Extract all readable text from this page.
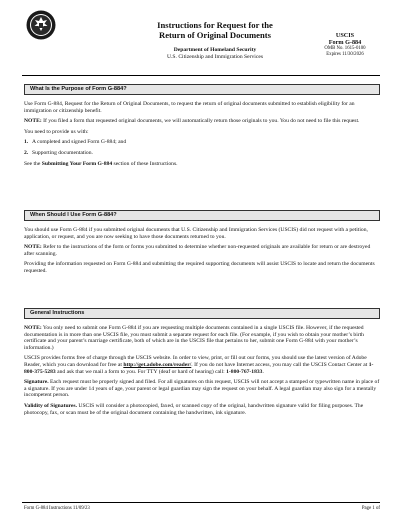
Instructions for Request for the
Return of Original Documents
Department of Homeland Security
U.S. Citizenship and Immigration Services
USCIS
Form G-884
OMB No. 1615-0100
Expires 11/30/2026
What Is the Purpose of Form G-884?

Use Form G-884, Request for the Return of Original Documents, to request the return of original documents submitted to establish eligibility for an immigration or citizenship benefit.

NOTE: If you filed a form that requested original documents, we will automatically return those originals to you. You do not need to file this request.

You need to provide us with:

1. A completed and signed Form G-884; and
2. Supporting documentation.

See the Submitting Your Form G-884 section of these Instructions.

When Should I Use Form G-884?

You should use Form G-884 if you submitted original documents that U.S. Citizenship and Immigration Services (USCIS) did not request with a petition, application, or request, and you are now seeking to have those documents returned to you.

NOTE: Refer to the instructions of the form or forms you submitted to determine whether non-requested originals are available for return or are destroyed after scanning.

Providing the information requested on Form G-884 and submitting the required supporting documents will assist USCIS to locate and return the documents requested.

General Instructions

NOTE: You only need to submit one Form G-884 if you are requesting multiple documents contained in a single USCIS file. However, if the requested documentation is in more than one USCIS file, you must submit a separate request for each file. (For example, if you wish to obtain your mother’s birth certificate and your parent’s marriage certificate, both of which are in the USCIS file that pertains to her, submit one Form G-884 with your mother’s information.)

USCIS provides forms free of charge through the USCIS website. In order to view, print, or fill out our forms, you should use the latest version of Adobe Reader, which you can download for free at http://get.adobe.com/reader/. If you do not have Internet access, you may call the USCIS Contact Center at 1-800-375-5283 and ask that we mail a form to you. For TTY (deaf or hard of hearing) call: 1-800-767-1833.

Signature. Each request must be properly signed and filed. For all signatures on this request, USCIS will not accept a stamped or typewritten name in place of a signature. If you are under 14 years of age, your parent or legal guardian may sign the request on your behalf. A legal guardian may also sign for a mentally incompetent person.

Validity of Signatures. USCIS will consider a photocopied, faxed, or scanned copy of the original, handwritten signature valid for filing purposes. The photocopy, fax, or scan must be of the original document containing the handwritten, ink signature.

Form G-884 Instructions 11/09/23	Page 1 of
